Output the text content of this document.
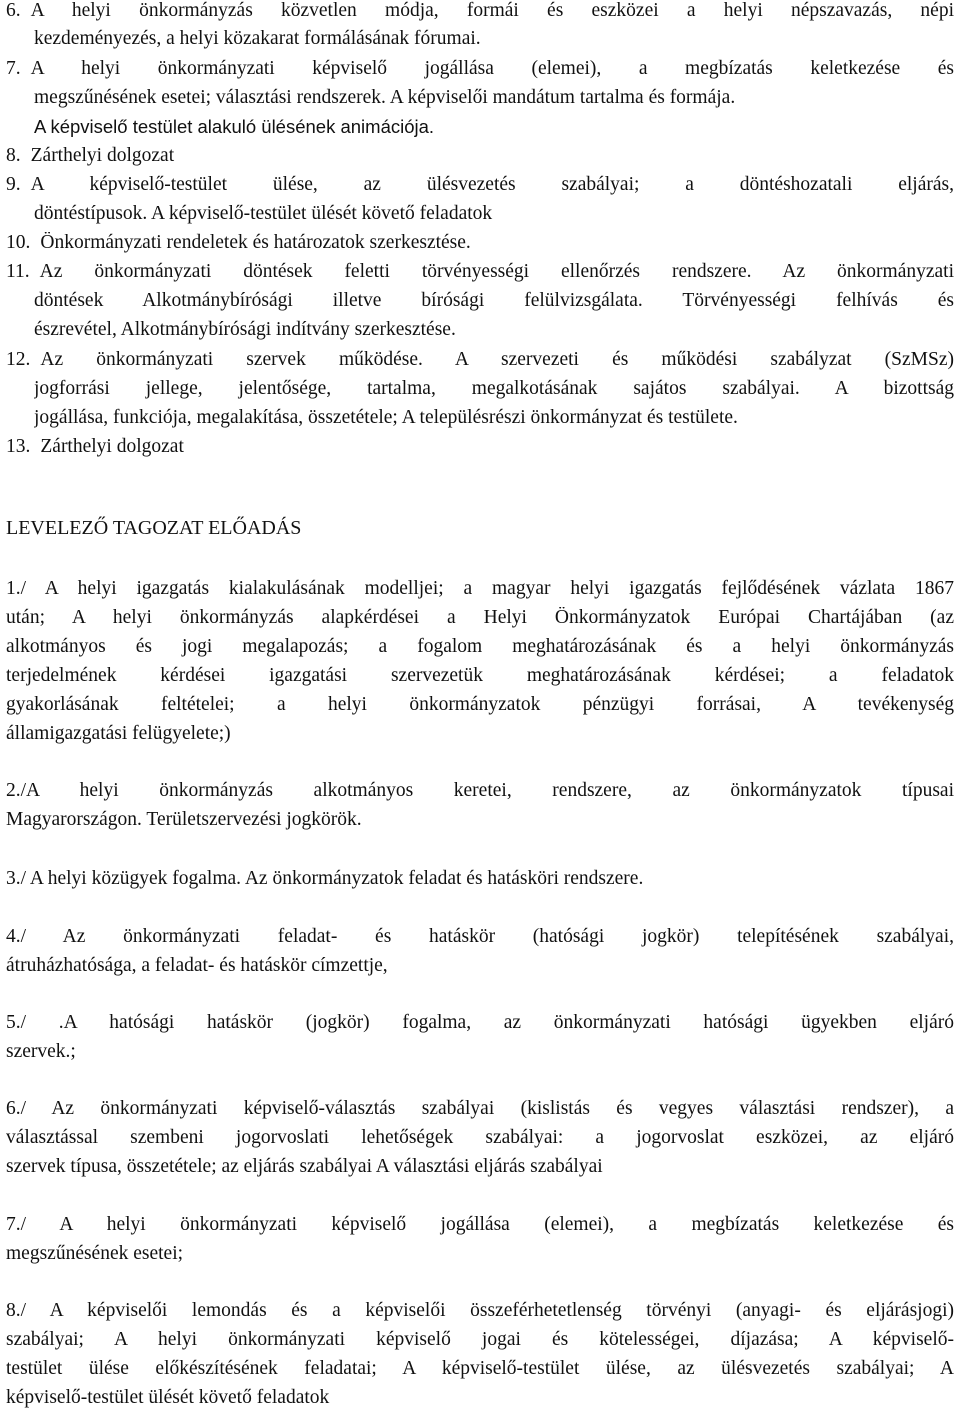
6. A helyi önkormányzás közvetlen módja, formái és eszközei a helyi népszavazás, népi
kezdeményezés, a helyi közakarat formálásának fórumai.
7. A helyi önkormányzati képviselő jogállása (elemei), a megbízatás keletkezése és
megszűnésének esetei; választási rendszerek. A képviselői mandátum tartalma és formája.
A képviselő testület alakuló ülésének animációja.
8. Zárthelyi dolgozat
9. A képviselő-testület ülése, az ülésvezetés szabályai; a döntéshozatali eljárás,
döntéstípusok. A képviselő-testület ülését követő feladatok
10. Önkormányzati rendeletek és határozatok szerkesztése.
11. Az önkormányzati döntések feletti törvényességi ellenőrzés rendszere. Az önkormányzati
döntések Alkotmánybírósági illetve bírósági felülvizsgálata. Törvényességi felhívás és
észrevétel, Alkotmánybírósági indítvány szerkesztése.
12. Az önkormányzati szervek működése. A szervezeti és működési szabályzat (SzMSz)
jogforrási jellege, jelentősége, tartalma, megalkotásának sajátos szabályai. A bizottság
jogállása, funkciója, megalakítása, összetétele; A településrészi önkormányzat és testülete.
13. Zárthelyi dolgozat
LEVELEZŐ TAGOZAT ELŐADÁS
1./ A helyi igazgatás kialakulásának modelljei; a magyar helyi igazgatás fejlődésének vázlata 1867
után; A helyi önkormányzás alapkérdései a Helyi Önkormányzatok Európai Chartájában (az
alkotmányos és jogi megalapozás; a fogalom meghatározásának és a helyi önkormányzás
terjedelmének kérdései igazgatási szervezetük meghatározásának kérdései; a feladatok
gyakorlásának feltételei; a helyi önkormányzatok pénzügyi forrásai, A tevékenység
államigazgatási felügyelete;)
2./A helyi önkormányzás alkotmányos keretei, rendszere, az önkormányzatok típusai
Magyarországon. Területszervezési jogkörök.
3./ A helyi közügyek fogalma. Az önkormányzatok feladat és hatásköri rendszere.
4./ Az önkormányzati feladat- és hatáskör (hatósági jogkör) telepítésének szabályai,
átruházhatósága, a feladat- és hatáskör címzettje,
5./ .A hatósági hatáskör (jogkör) fogalma, az önkormányzati hatósági ügyekben eljáró
szervek.;
6./ Az önkormányzati képviselő-választás szabályai (kislistás és vegyes választási rendszer), a
választással szembeni jogorvoslati lehetőségek szabályai: a jogorvoslat eszközei, az eljáró
szervek típusa, összetétele; az eljárás szabályai A választási eljárás szabályai
7./ A helyi önkormányzati képviselő jogállása (elemei), a megbízatás keletkezése és
megszűnésének esetei;
8./ A képviselői lemondás és a képviselői összeférhetetlenség törvényi (anyagi- és eljárásjogi)
szabályai; A helyi önkormányzati képviselő jogai és kötelességei, díjazása; A képviselő-
testület ülése előkészítésének feladatai; A képviselő-testület ülése, az ülésvezetés szabályai; A
képviselő-testület ülését követő feladatok
